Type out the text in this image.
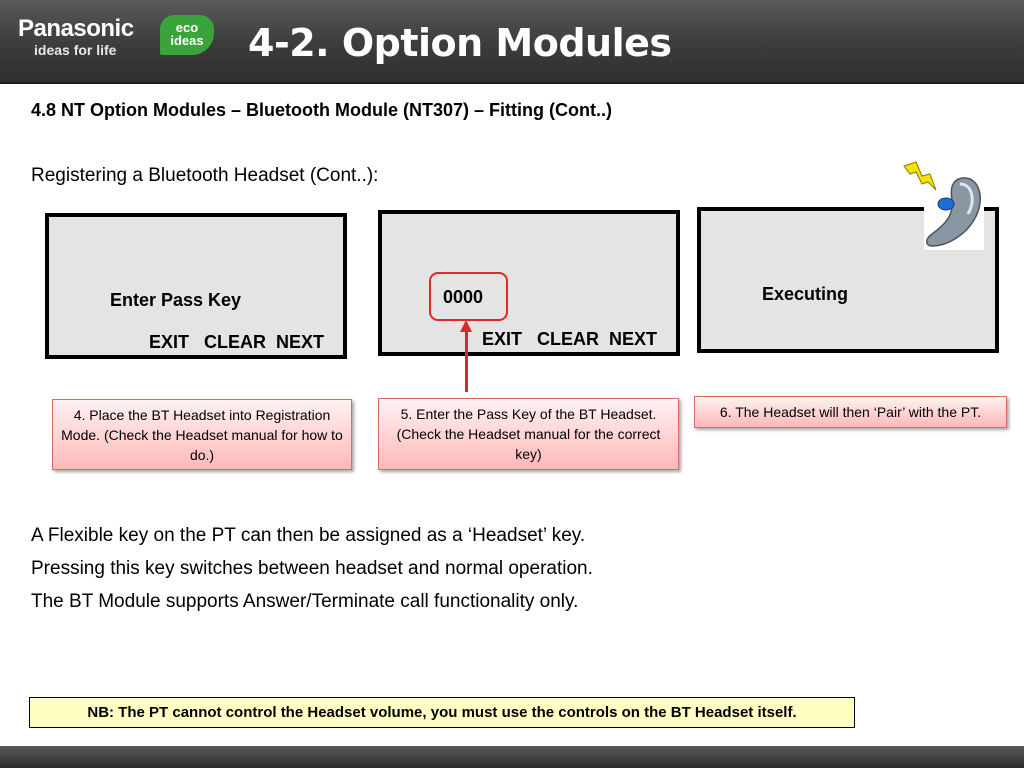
Panasonic
ideas for life
eco
ideas 4-2. Option Modules
4.8 NT Option Modules – Bluetooth Module (NT307) – Fitting (Cont..)
Registering a Bluetooth Headset (Cont..):
Enter Pass Key
EXIT   CLEAR  NEXT
0000
EXIT   CLEAR  NEXT
Executing
4. Place the BT Headset into Registration Mode. (Check the Headset manual for how to do.)
5. Enter the Pass Key of the BT Headset. (Check the Headset manual for the correct key)
6. The Headset will then ‘Pair’ with the PT.
A Flexible key on the PT can then be assigned as a ‘Headset’ key.
Pressing this key switches between headset and normal operation.
The BT Module supports Answer/Terminate call functionality only.
NB: The PT cannot control the Headset volume, you must use the controls on the BT Headset itself.
